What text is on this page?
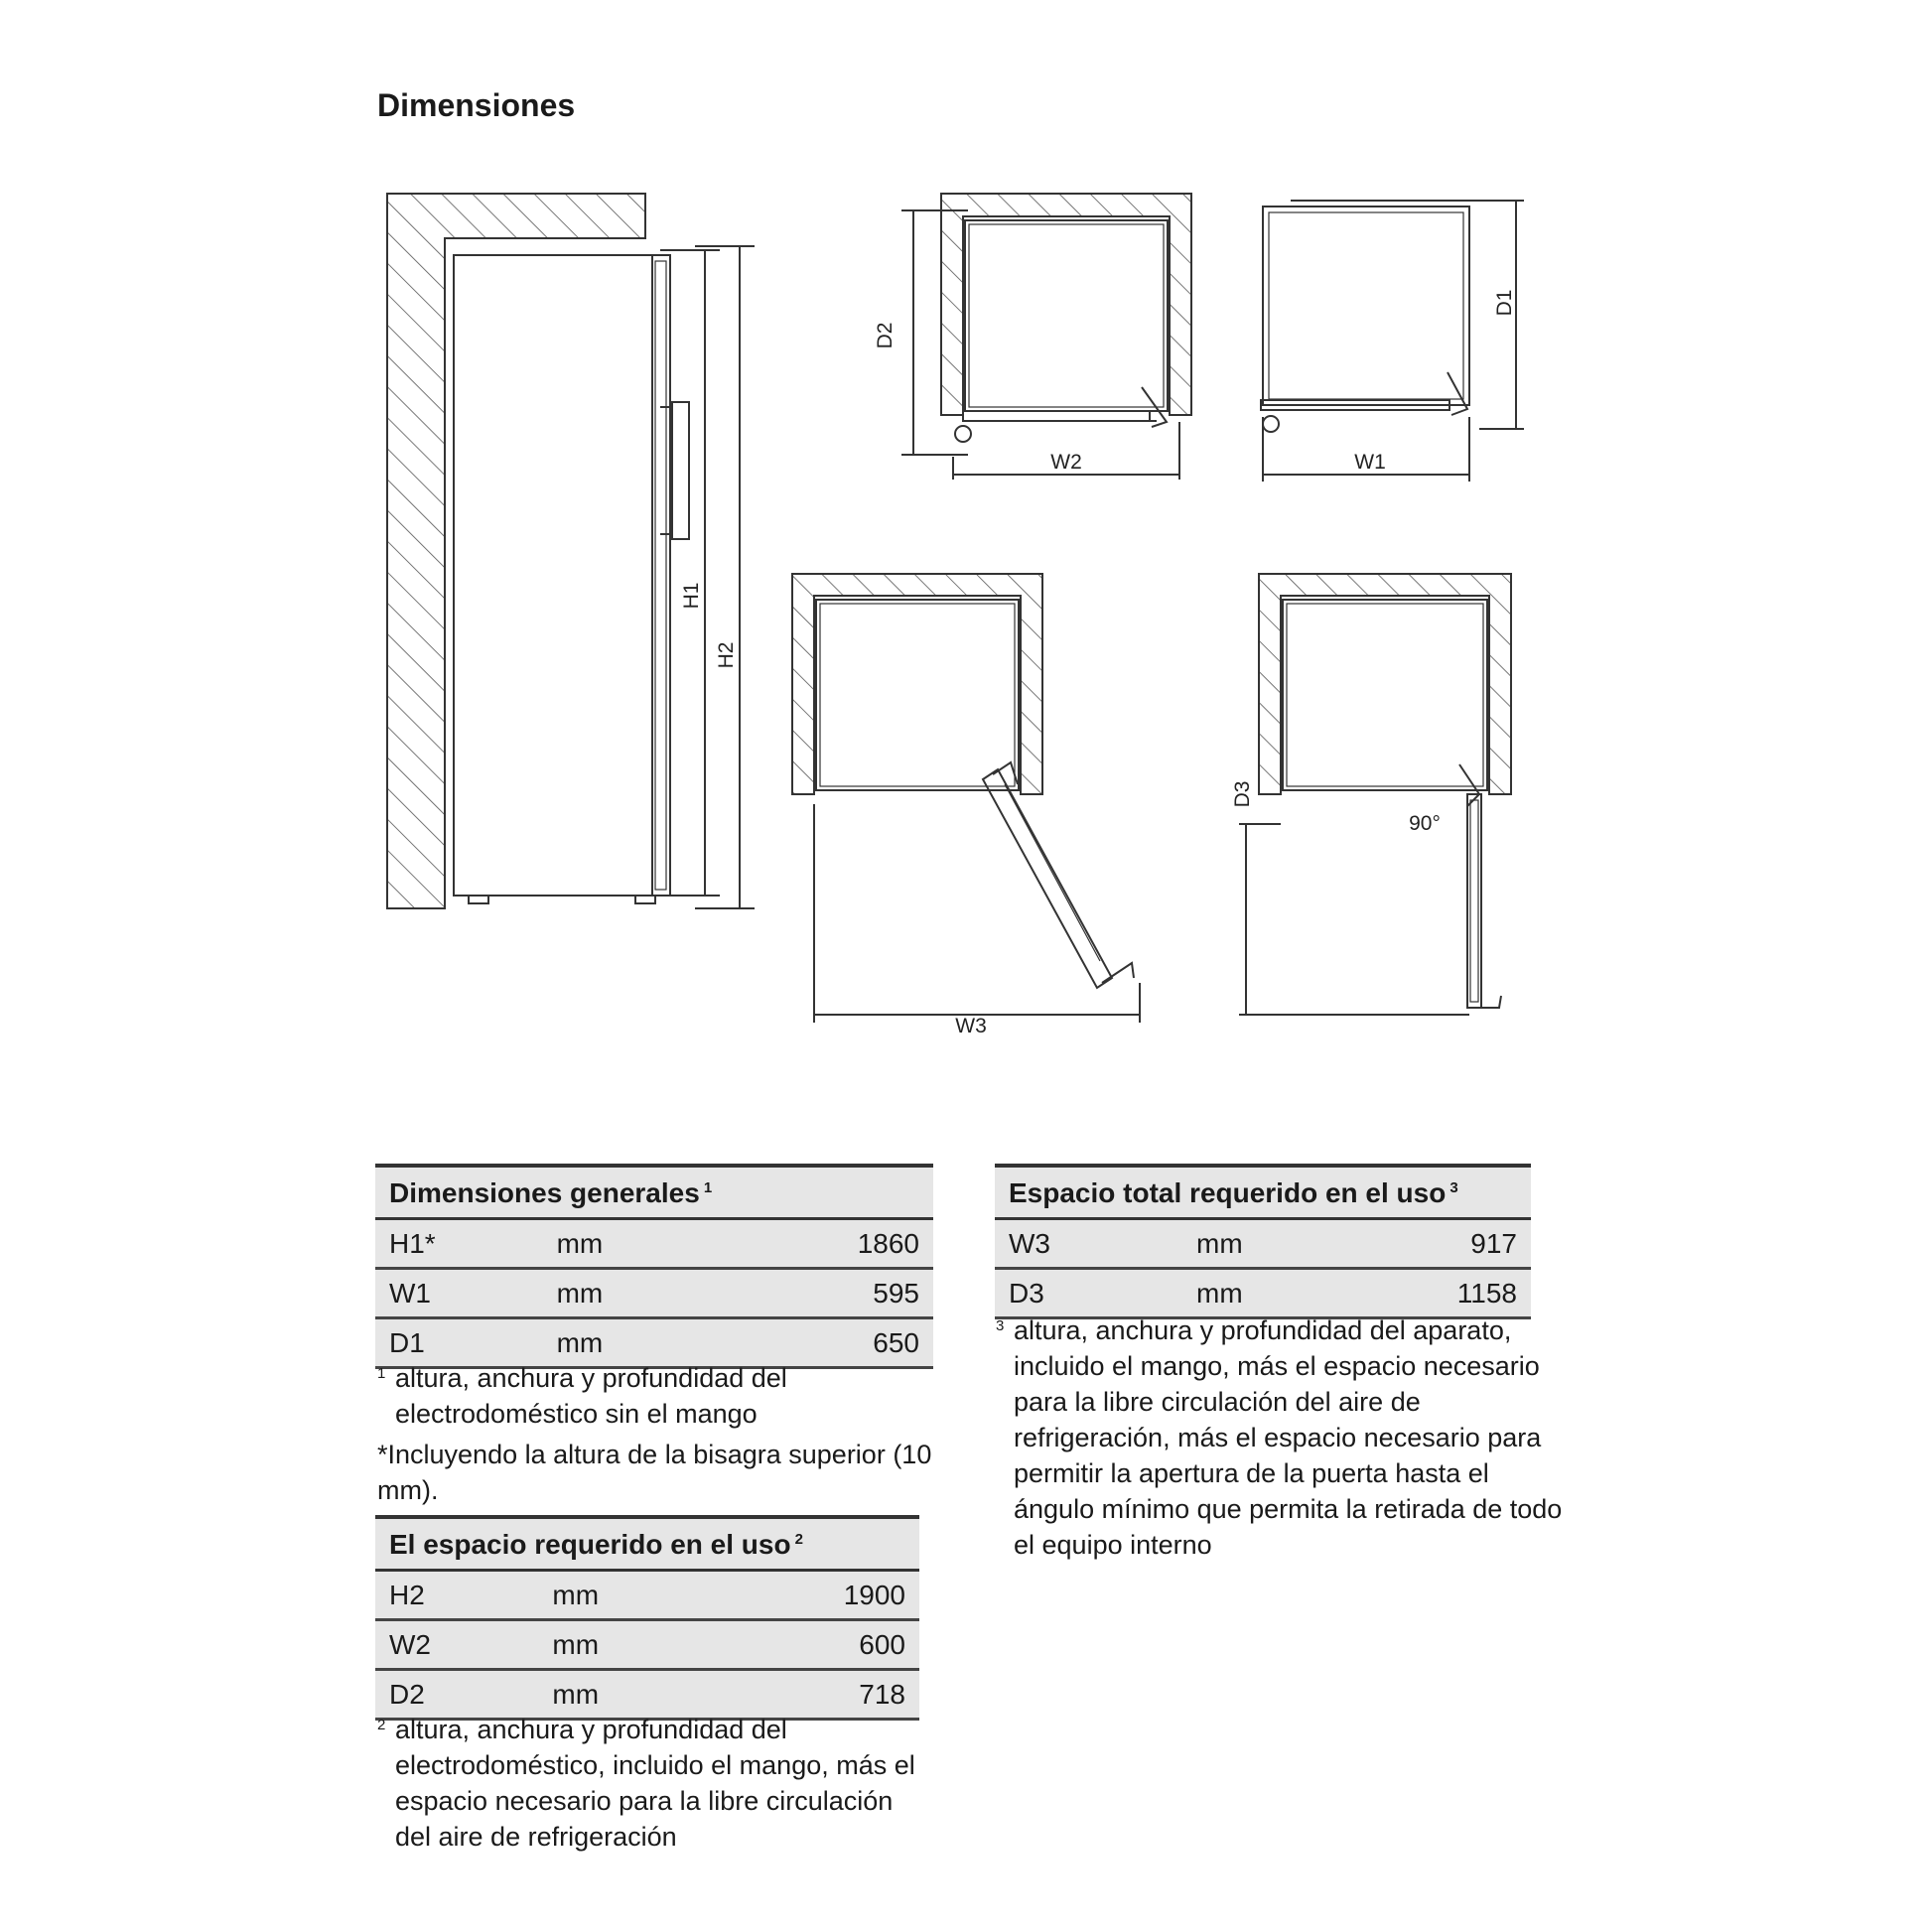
Dimensiones
H1
H2
D2
W2
D1
W1
W3
D3
90°
Dimensiones generales $^1$
H1*	mm	1860
W1	mm	595
D1	mm	650
1 altura, anchura y profundidad del electrodoméstico sin el mango
*Incluyendo la altura de la bisagra superior (10 mm).
El espacio requerido en el uso $^2$
H2	mm	1900
W2	mm	600
D2	mm	718
2 altura, anchura y profundidad del electrodoméstico, incluido el mango, más el espacio necesario para la libre circulación del aire de refrigeración
Espacio total requerido en el uso $^3$
W3	mm	917
D3	mm	1158
3 altura, anchura y profundidad del aparato, incluido el mango, más el espacio necesario para la libre circulación del aire de refrigeración, más el espacio necesario para permitir la apertura de la puerta hasta el ángulo mínimo que permita la retirada de todo el equipo interno
